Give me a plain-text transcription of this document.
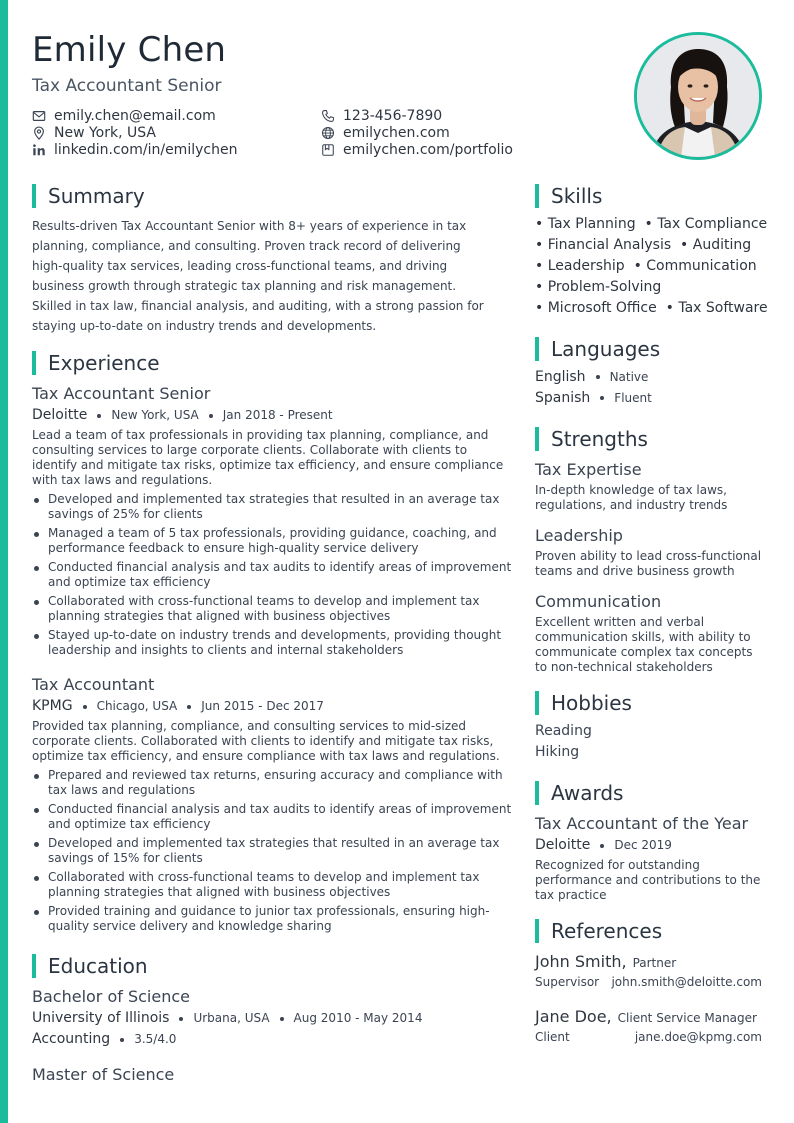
Emily Chen
Tax Accountant Senior
emily.chen@email.com
New York, USA
linkedin.com/in/emilychen
123-456-7890
emilychen.com
emilychen.com/portfolio
Summary
Results-driven Tax Accountant Senior with 8+ years of experience in tax planning, compliance, and consulting. Proven track record of delivering high-quality tax services, leading cross-functional teams, and driving business growth through strategic tax planning and risk management. Skilled in tax law, financial analysis, and auditing, with a strong passion for staying up-to-date on industry trends and developments.
Experience
Tax Accountant Senior
Deloitte New York, USA Jan 2018 - Present
Lead a team of tax professionals in providing tax planning, compliance, and consulting services to large corporate clients. Collaborate with clients to identify and mitigate tax risks, optimize tax efficiency, and ensure compliance with tax laws and regulations.
Developed and implemented tax strategies that resulted in an average tax savings of 25% for clients
Managed a team of 5 tax professionals, providing guidance, coaching, and performance feedback to ensure high-quality service delivery
Conducted financial analysis and tax audits to identify areas of improvement and optimize tax efficiency
Collaborated with cross-functional teams to develop and implement tax planning strategies that aligned with business objectives
Stayed up-to-date on industry trends and developments, providing thought leadership and insights to clients and internal stakeholders
Tax Accountant
KPMG Chicago, USA Jun 2015 - Dec 2017
Provided tax planning, compliance, and consulting services to mid-sized corporate clients. Collaborated with clients to identify and mitigate tax risks, optimize tax efficiency, and ensure compliance with tax laws and regulations.
Prepared and reviewed tax returns, ensuring accuracy and compliance with tax laws and regulations
Conducted financial analysis and tax audits to identify areas of improvement and optimize tax efficiency
Developed and implemented tax strategies that resulted in an average tax savings of 15% for clients
Collaborated with cross-functional teams to develop and implement tax planning strategies that aligned with business objectives
Provided training and guidance to junior tax professionals, ensuring high-quality service delivery and knowledge sharing
Education
Bachelor of Science
University of Illinois Urbana, USA Aug 2010 - May 2014
Accounting 3.5/4.0
Master of Science
Skills
• Tax Planning  • Tax Compliance
• Financial Analysis  • Auditing
• Leadership  • Communication
• Problem-Solving
• Microsoft Office  • Tax Software
Languages
English Native
Spanish Fluent
Strengths
Tax Expertise
In-depth knowledge of tax laws, regulations, and industry trends
Leadership
Proven ability to lead cross-functional teams and drive business growth
Communication
Excellent written and verbal communication skills, with ability to communicate complex tax concepts to non-technical stakeholders
Hobbies
Reading
Hiking
Awards
Tax Accountant of the Year
Deloitte Dec 2019
Recognized for outstanding performance and contributions to the tax practice
References
John Smith, Partner
Supervisor john.smith@deloitte.com
Jane Doe, Client Service Manager
Client	jane.doe@kpmg.com
